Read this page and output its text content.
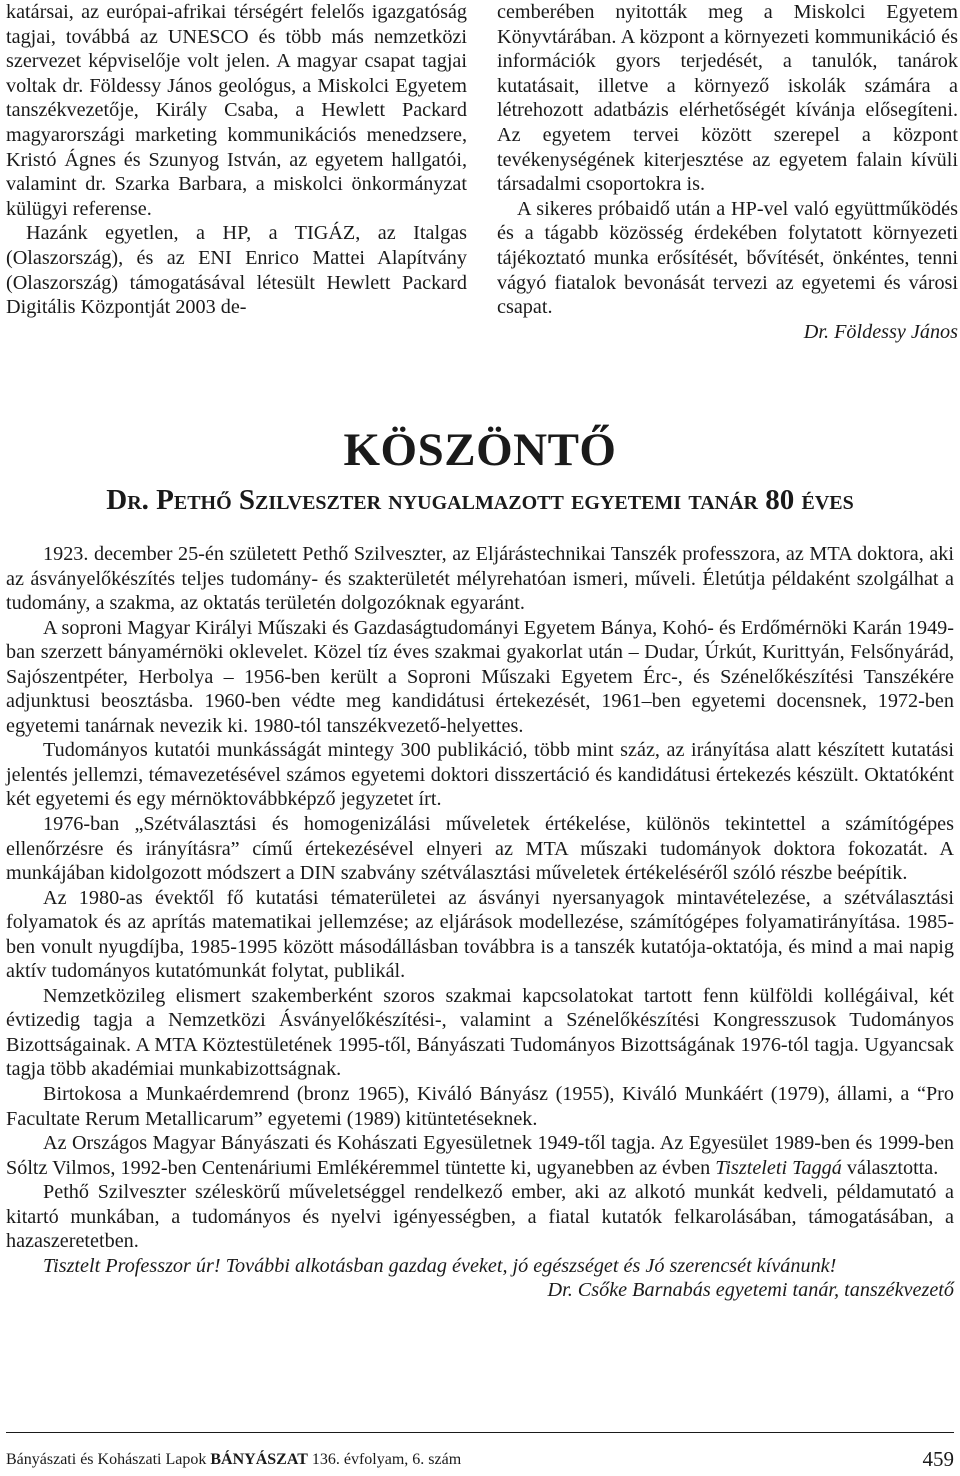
katársai, az európai-afrikai térségért felelős igazgatóság tagjai, továbbá az UNESCO és több más nemzetközi szervezet képviselője volt jelen. A magyar csapat tagjai voltak dr. Földessy János geológus, a Miskolci Egyetem tanszékvezetője, Király Csaba, a Hewlett Packard magyarországi marketing kommunikációs menedzsere, Kristó Ágnes és Szunyog István, az egyetem hallgatói, valamint dr. Szarka Barbara, a miskolci önkormányzat külügyi referense.

Hazánk egyetlen, a HP, a TIGÁZ, az Italgas (Olaszország), és az ENI Enrico Mattei Alapítvány (Olaszország) támogatásával létesült Hewlett Packard Digitális Központját 2003 de-

cemberében nyitották meg a Miskolci Egyetem Könyvtárában. A központ a környezeti kommunikáció és információk gyors terjedését, a tanulók, tanárok kutatásait, illetve a környező iskolák számára a létrehozott adatbázis elérhetőségét kívánja elősegíteni. Az egyetem tervei között szerepel a központ tevékenységének kiterjesztése az egyetem falain kívüli társadalmi csoportokra is.

A sikeres próbaidő után a HP-vel való együttműködés és a tágabb közösség érdekében folytatott környezeti tájékoztató munka erősítését, bővítését, önkéntes, tenni vágyó fiatalok bevonását tervezi az egyetemi és városi csapat.

Dr. Földessy János

KÖSZÖNTŐ
Dr. Pethő Szilveszter nyugalmazott egyetemi tanár 80 éves

1923. december 25-én született Pethő Szilveszter, az Eljárástechnikai Tanszék professzora, az MTA doktora, aki az ásványelőkészítés teljes tudomány- és szakterületét mélyrehatóan ismeri, műveli. Életútja példaként szolgálhat a tudomány, a szakma, az oktatás területén dolgozóknak egyaránt.

A soproni Magyar Királyi Műszaki és Gazdaságtudományi Egyetem Bánya, Kohó- és Erdőmérnöki Karán 1949-ban szerzett bányamérnöki oklevelet. Közel tíz éves szakmai gyakorlat után – Dudar, Úrkút, Kurittyán, Felsőnyárád, Sajószentpéter, Herbolya – 1956-ben került a Soproni Műszaki Egyetem Érc-, és Szénelőkészítési Tanszékére adjunktusi beosztásba. 1960-ben védte meg kandidátusi értekezését, 1961–ben egyetemi docensnek, 1972-ben egyetemi tanárnak nevezik ki. 1980-tól tanszékvezető-helyettes.

Tudományos kutatói munkásságát mintegy 300 publikáció, több mint száz, az irányítása alatt készített kutatási jelentés jellemzi, témavezetésével számos egyetemi doktori disszertáció és kandidátusi értekezés készült. Oktatóként két egyetemi és egy mérnöktovábbképző jegyzetet írt.

1976-ban „Szétválasztási és homogenizálási műveletek értékelése, különös tekintettel a számítógépes ellenőrzésre és irányításra” című értekezésével elnyeri az MTA műszaki tudományok doktora fokozatát. A munkájában kidolgozott módszert a DIN szabvány szétválasztási műveletek értékeléséről szóló részbe beépítik.

Az 1980-as évektől fő kutatási tématerületei az ásványi nyersanyagok mintavételezése, a szétválasztási folyamatok és az aprítás matematikai jellemzése; az eljárások modellezése, számítógépes folyamatirányítása. 1985-ben vonult nyugdíjba, 1985-1995 között másodállásban továbbra is a tanszék kutatója-oktatója, és mind a mai napig aktív tudományos kutatómunkát folytat, publikál.

Nemzetközileg elismert szakemberként szoros szakmai kapcsolatokat tartott fenn külföldi kollégáival, két évtizedig tagja a Nemzetközi Ásványelőkészítési-, valamint a Szénelőkészítési Kongresszusok Tudományos Bizottságainak. A MTA Köztestületének 1995-től, Bányászati Tudományos Bizottságának 1976-tól tagja. Ugyancsak tagja több akadémiai munkabizottságnak.

Birtokosa a Munkaérdemrend (bronz 1965), Kiváló Bányász (1955), Kiváló Munkáért (1979), állami, a “Pro Facultate Rerum Metallicarum” egyetemi (1989) kitüntetéseknek.

Az Országos Magyar Bányászati és Kohászati Egyesületnek 1949-től tagja. Az Egyesület 1989-ben és 1999-ben Sóltz Vilmos, 1992-ben Centenáriumi Emlékéremmel tüntette ki, ugyanebben az évben Tiszteleti Taggá választotta.

Pethő Szilveszter széleskörű műveletséggel rendelkező ember, aki az alkotó munkát kedveli, példamutató a kitartó munkában, a tudományos és nyelvi igényességben, a fiatal kutatók felkarolásában, támogatásában, a hazaszeretetben.

Tisztelt Professzor úr! További alkotásban gazdag éveket, jó egészséget és Jó szerencsét kívánunk!

Dr. Csőke Barnabás egyetemi tanár, tanszékvezető

Bányászati és Kohászati Lapok BÁNYÁSZAT 136. évfolyam, 6. szám	459
